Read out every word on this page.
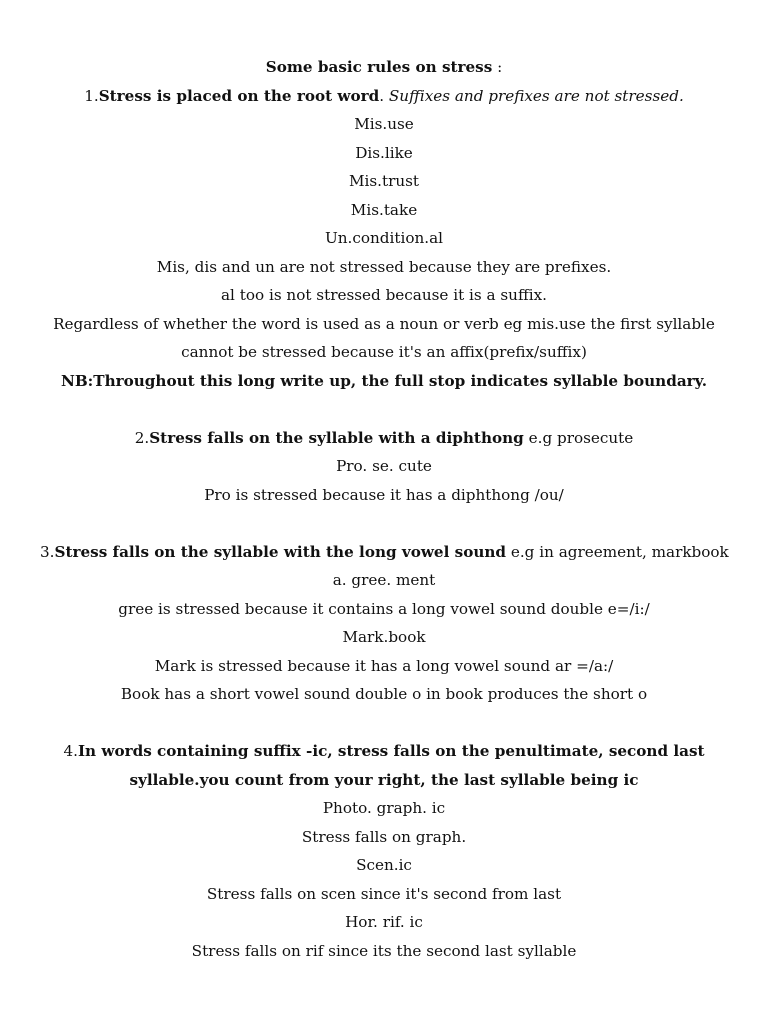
Some basic rules on stress :
1.Stress is placed on the root word. Suffixes and prefixes are not stressed.
Mis.use
Dis.like
Mis.trust
Mis.take
Un.condition.al
Mis, dis and un are not stressed because they are prefixes.
al too is not stressed because it is a suffix.
Regardless of whether the word is used as a noun or verb eg mis.use the first syllable
cannot be stressed because it's an affix(prefix/suffix)
NB:Throughout this long write up, the full stop indicates syllable boundary.
2.Stress falls on the syllable with a diphthong e.g prosecute
Pro. se. cute
Pro is stressed because it has a diphthong /ou/
3.Stress falls on the syllable with the long vowel sound e.g in agreement, markbook
a. gree. ment
gree is stressed because it contains a long vowel sound double e=/i:/
Mark.book
Mark is stressed because it has a long vowel sound ar =/a:/
Book has a short vowel sound double o in book produces the short o
4.In words containing suffix -ic, stress falls on the penultimate, second last
syllable.you count from your right, the last syllable being ic
Photo. graph. ic
Stress falls on graph.
Scen.ic
Stress falls on scen since it's second from last
Hor. rif. ic
Stress falls on rif since its the second last syllable
